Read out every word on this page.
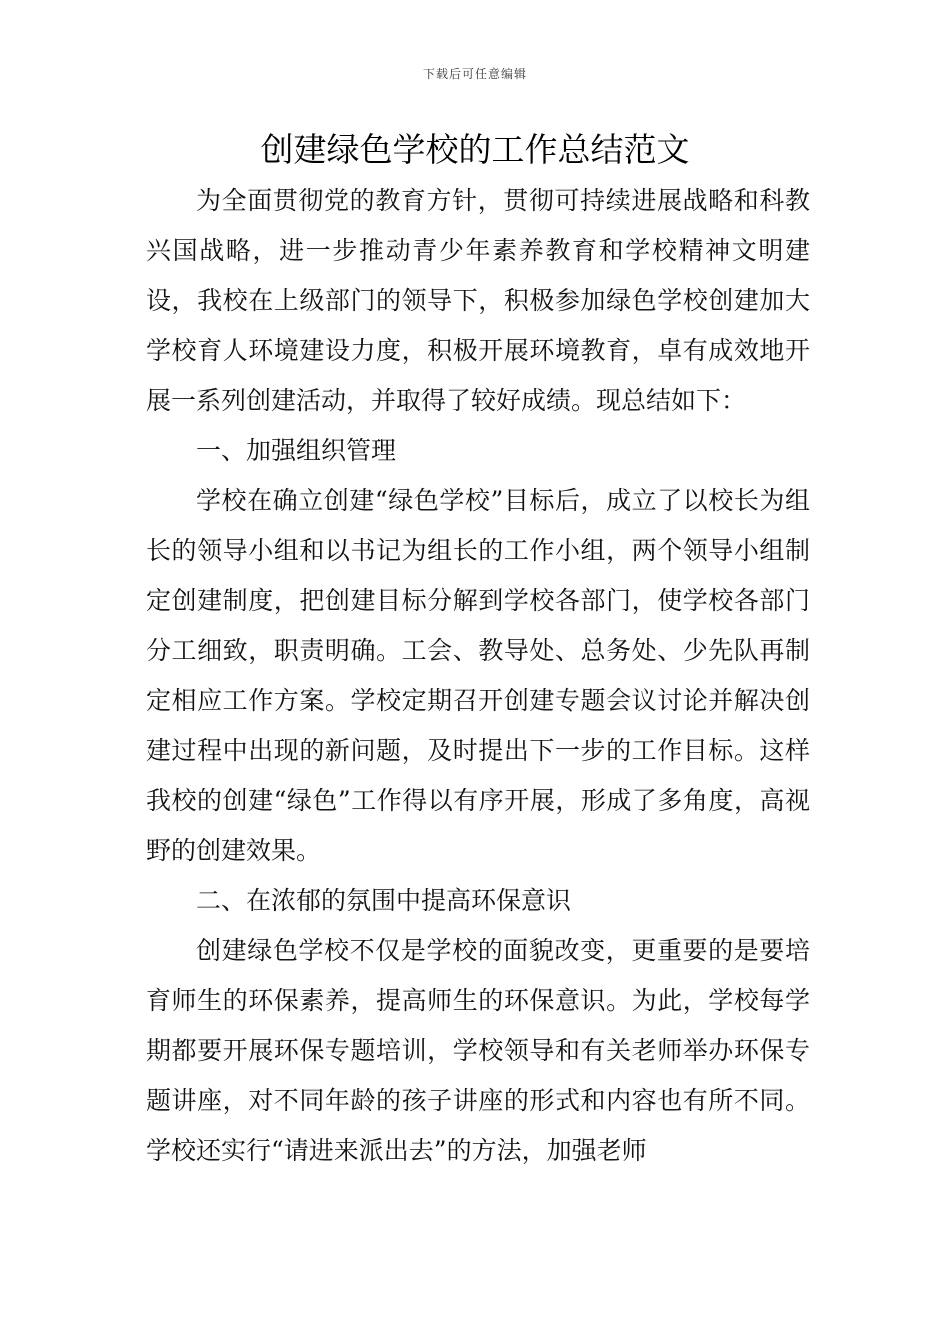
下载后可任意编辑
创建绿色学校的工作总结范文

为全面贯彻党的教育方针，贯彻可持续进展战略和科教兴国战略，进一步推动青少年素养教育和学校精神文明建设，我校在上级部门的领导下，积极参加绿色学校创建加大学校育人环境建设力度，积极开展环境教育，卓有成效地开展一系列创建活动，并取得了较好成绩。现总结如下：

一、加强组织管理

学校在确立创建“绿色学校”目标后，成立了以校长为组长的领导小组和以书记为组长的工作小组，两个领导小组制定创建制度，把创建目标分解到学校各部门，使学校各部门分工细致，职责明确。工会、教导处、总务处、少先队再制定相应工作方案。学校定期召开创建专题会议讨论并解决创建过程中出现的新问题，及时提出下一步的工作目标。这样我校的创建“绿色”工作得以有序开展，形成了多角度，高视野的创建效果。

二、在浓郁的氛围中提高环保意识

创建绿色学校不仅是学校的面貌改变，更重要的是要培育师生的环保素养，提高师生的环保意识。为此，学校每学期都要开展环保专题培训，学校领导和有关老师举办环保专题讲座，对不同年龄的孩子讲座的形式和内容也有所不同。学校还实行“请进来派出去”的方法，加强老师
